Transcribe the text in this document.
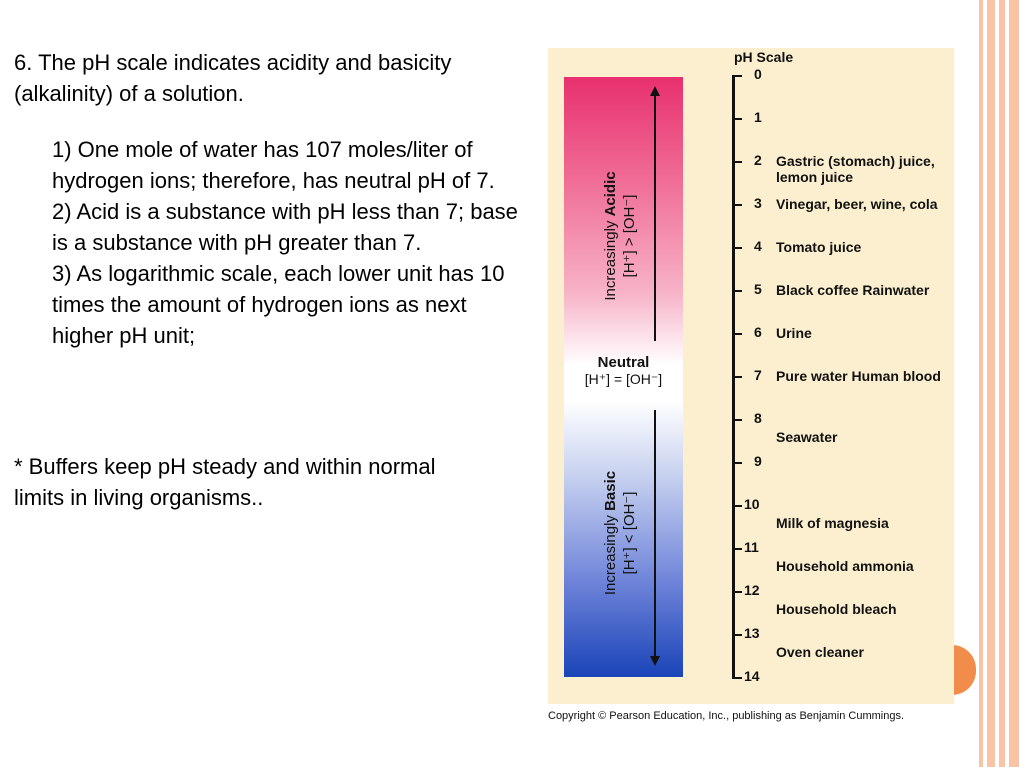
6. The pH scale indicates acidity and basicity (alkalinity) of a solution.
1) One mole of water has 107 moles/liter of hydrogen ions; therefore, has neutral pH of 7.
2) Acid is a substance with pH less than 7; base is a substance with pH greater than 7.
3) As logarithmic scale, each lower unit has 10 times the amount of hydrogen ions as next higher pH unit;
* Buffers keep pH steady and within normal limits in living organisms..
pH Scale
Increasingly Acidic
[H⁺] > [OH⁻]
Neutral
[H⁺] = [OH⁻]
Increasingly Basic
[H⁺] < [OH⁻]
0
1
2 Gastric (stomach) juice, lemon juice
3 Vinegar, beer, wine, cola
4 Tomato juice
5 Black coffee Rainwater
6 Urine
7 Pure water Human blood
8
Seawater
9
10
Milk of magnesia
11
Household ammonia
12
Household bleach
13
Oven cleaner
14
Copyright © Pearson Education, Inc., publishing as Benjamin Cummings.
